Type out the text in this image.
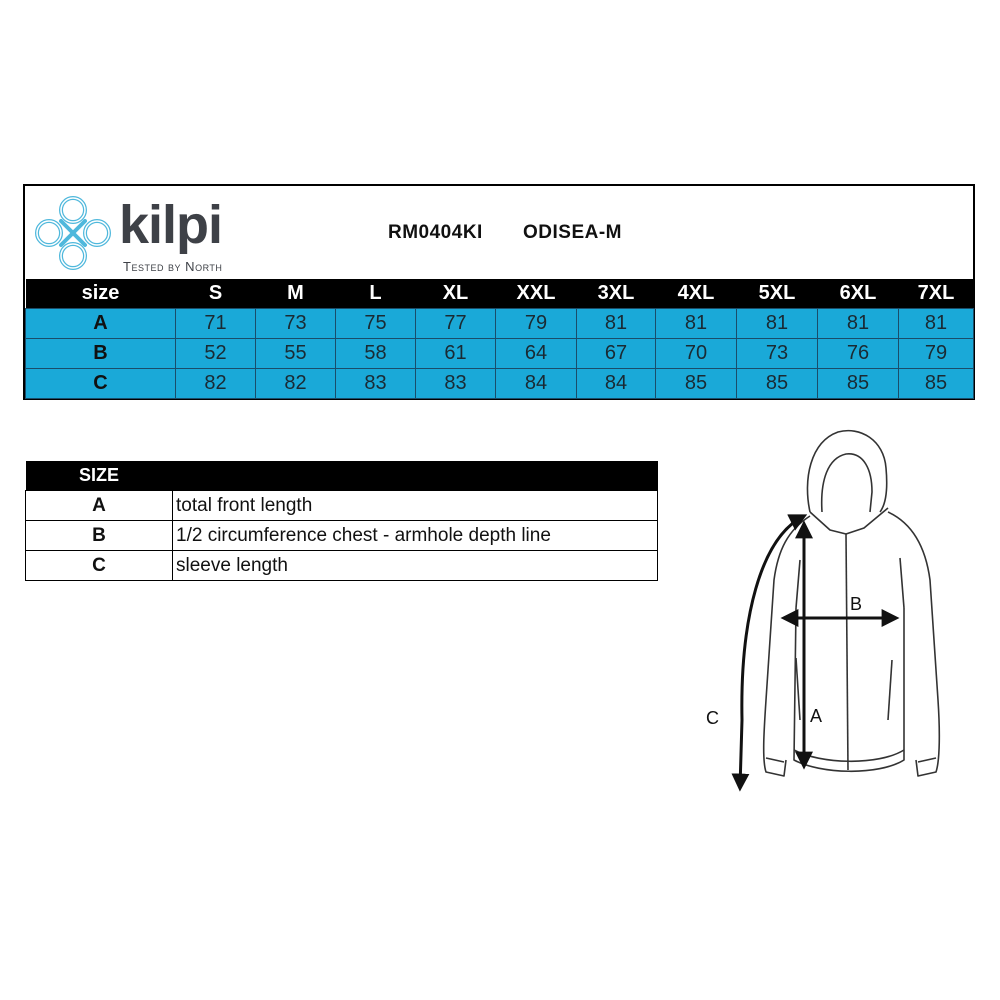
kilpi
Tested by North
RM0404KI ODISEA-M
size	S	M	L	XL	XXL	3XL	4XL	5XL	6XL	7XL
A	71	73	75	77	79	81	81	81	81	81
B	52	55	58	61	64	67	70	73	76	79
C	82	82	83	83	84	84	85	85	85	85
SIZE	
A	total front length
B	1/2 circumference chest - armhole depth line
C	sleeve length
A
B
C
